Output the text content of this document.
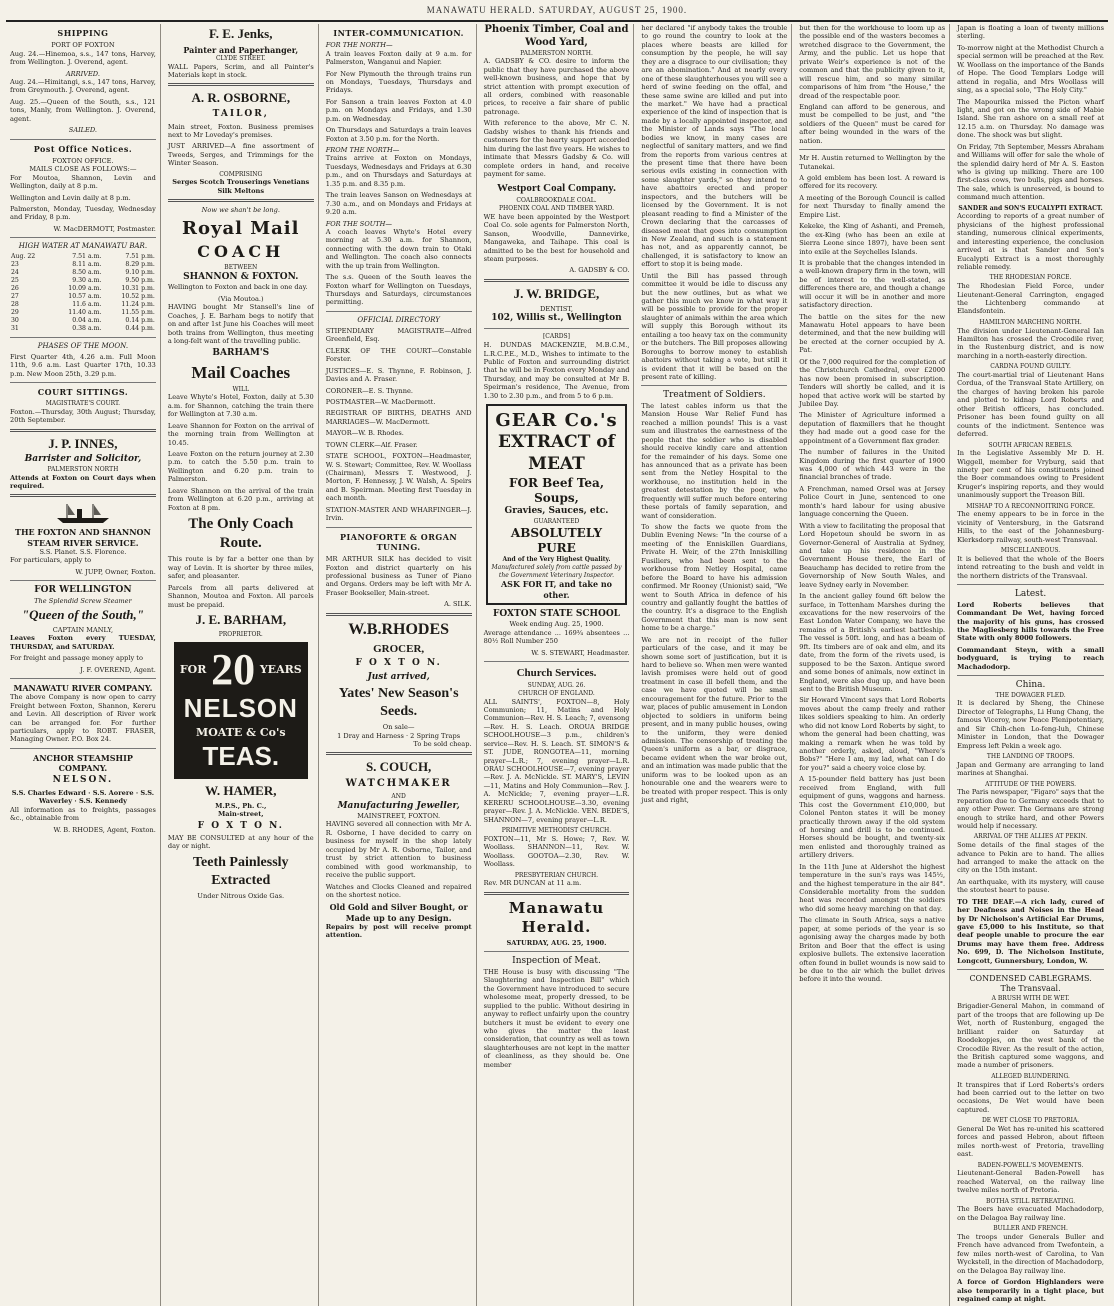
MANAWATU HERALD. SATURDAY, AUGUST 25, 1900.
SHIPPING
PORT OF FOXTON

Aug. 24.—Hinemoa, s.s., 147 tons, Harvey, from Wellington. J. Overend, agent.

ARRIVED.

Aug. 24.—Himitangi, s.s., 147 tons, Harvey, from Greymouth. J. Overend, agent.

Aug. 25.—Queen of the South, s.s., 121 tons, Manly, from Wellington. J. Overend, agent.

SAILED.
Post Office Notices.
FOXTON OFFICE.
MAILS CLOSE AS FOLLOWS:—

For Moutoa, Shannon, Levin and Wellington, daily at 8 p.m.

Wellington and Levin daily at 8 p.m.

Palmerston, Monday, Tuesday, Wednesday and Friday, 8 p.m.

W. MacDERMOTT, Postmaster.
HIGH WATER AT MANAWATU BAR.
Aug. 22	7.51 a.m.	7.51 p.m.
23	8.11 a.m.	8.29 p.m.
24	8.50 a.m.	9.10 p.m.
25	9.30 a.m.	9.50 p.m.
26	10.09 a.m.	10.31 p.m.
27	10.57 a.m.	10.52 p.m.
28	11.6 a.m.	11.24 p.m.
29	11.40 a.m.	11.55 p.m.
30	0.04 a.m.	0.14 p.m.
31	0.38 a.m.	0.44 p.m.
PHASES OF THE MOON.

First Quarter 4th, 4.26 a.m. Full Moon 11th, 9.6 a.m. Last Quarter 17th, 10.33 p.m. New Moon 25th, 3.29 p.m.

COURT SITTINGS.
MAGISTRATE'S COURT.

Foxton.—Thursday, 30th August; Thursday, 20th September.

J. P. INNES,
Barrister and Solicitor,
PALMERSTON NORTH

Attends at Foxton on Court days when required.

THE FOXTON AND SHANNON STEAM RIVER SERVICE.
S.S. Planet. S.S. Florence.

For particulars, apply to

W. JUPP, Owner, Foxton.
FOR WELLINGTON
The Splendid Screw Steamer
"Queen of the South,"
CAPTAIN MANLY,

Leaves Foxton every TUESDAY, THURSDAY, and SATURDAY.

For freight and passage money apply to

J. F. OVEREND, Agent.
MANAWATU RIVER COMPANY.

The above Company is now open to carry Freight between Foxton, Shannon, Kereru and Levin. All description of River work can be arranged for. For further particulars, apply to ROBT. FRASER, Managing Owner. P.O. Box 24.

ANCHOR STEAMSHIP COMPANY.
NELSON.
S.S. Charles Edward · S.S. Aorere · S.S. Waverley · S.S. Kennedy

All information as to freights, passages &c., obtainable from

W. B. RHODES, Agent, Foxton.
F. E. Jenks,
Painter and Paperhanger,
CLYDE STREET.

WALL Papers, Scrim, and all Painter's Materials kept in stock.

A. R. OSBORNE,
TAILOR,

Main street, Foxton. Business premises next to Mr Loveday's premises.

JUST ARRIVED—A fine assortment of Tweeds, Serges, and Trimmings for the Winter Season.

COMPRISING
Serges Scotch Trouserings Venetians Silk Meltons
Now we shan't be long.
Royal Mail
COACH
BETWEEN
SHANNON & FOXTON.

Wellington to Foxton and back in one day.

(Via Moutoa.)

HAVING bought Mr Stansell's line of Coaches, J. E. Barham begs to notify that on and after 1st June his Coaches will meet both trains from Wellington, thus meeting a long-felt want of the travelling public.

BARHAM'S
Mail Coaches
WILL

Leave Whyte's Hotel, Foxton, daily at 5.30 a.m. for Shannon, catching the train there for Wellington at 7.30 a.m.

Leave Shannon for Foxton on the arrival of the morning train from Wellington at 10.45.

Leave Foxton on the return journey at 2.30 p.m. to catch the 5.50 p.m. train to Wellington and 6.20 p.m. train to Palmerston.

Leave Shannon on the arrival of the train from Wellington at 6.20 p.m., arriving at Foxton at 8 pm.

The Only Coach Route.

This route is by far a better one than by way of Levin. It is shorter by three miles, safer, and pleasanter.

Parcels from all parts delivered at Shannon, Moutoa and Foxton. All parcels must be prepaid.

J. E. BARHAM,
PROPRIETOR.
FOR 20 YEARS
NELSON
MOATE & Co's
TEAS.
W. HAMER,
M.P.S., Ph. C.,
Main-street,
F O X T O N.

MAY BE CONSULTED at any hour of the day or night.

Teeth Painlessly Extracted
Under Nitrous Oxide Gas.
INTER-COMMUNICATION.
FOR THE NORTH—

A train leaves Foxton daily at 9 a.m. for Palmerston, Wanganui and Napier.

For New Plymouth the through trains run on Mondays, Tuesdays, Thursdays and Fridays.

For Sanson a train leaves Foxton at 4.0 p.m. on Mondays and Fridays, and 1.30 p.m. on Wednesday.

On Thursdays and Saturdays a train leaves Foxton at 3.50 p.m. for the North.

FROM THE NORTH—

Trains arrive at Foxton on Mondays, Tuesdays, Wednesdays and Fridays at 6.30 p.m., and on Thursdays and Saturdays at 1.35 p.m. and 8.35 p.m.

The train leaves Sanson on Wednesdays at 7.30 a.m., and on Mondays and Fridays at 9.20 a.m.

FOR THE SOUTH—

A coach leaves Whyte's Hotel every morning at 5.30 a.m. for Shannon, connecting with the down train to Otaki and Wellington. The coach also connects with the up train from Wellington.

The s.s. Queen of the South leaves the Foxton wharf for Wellington on Tuesdays, Thursdays and Saturdays, circumstances permitting.

OFFICIAL DIRECTORY

STIPENDIARY MAGISTRATE—Alfred Greenfield, Esq.

CLERK OF THE COURT—Constable Forster.

JUSTICES—E. S. Thynne, F. Robinson, J. Davies and A. Fraser.

CORONER—E. S. Thynne.

POSTMASTER—W. MacDermott.

REGISTRAR OF BIRTHS, DEATHS AND MARRIAGES—W. MacDermott.

MAYOR—W. B. Rhodes.

TOWN CLERK—Alf. Fraser.

STATE SCHOOL, FOXTON—Headmaster, W. S. Stewart; Committee, Rev. W. Woollass (Chairman), Messrs T. Westwood, J. Morton, F. Hennessy, J. W. Walsh, A. Speirs and B. Speirman. Meeting first Tuesday in each month.

STATION-MASTER AND WHARFINGER—J. Irvin.

PIANOFORTE & ORGAN TUNING.

MR ARTHUR SILK has decided to visit Foxton and district quarterly on his professional business as Tuner of Piano and Organs. Orders may be left with Mr A. Fraser Bookseller, Main-street.

A. SILK.
W.B.RHODES
GROCER,
F O X T O N.
Just arrived,
Yates' New Season's Seeds.
On sale—
1 Dray and Harness · 2 Spring Traps
To be sold cheap.
S. COUCH,
WATCHMAKER
AND
Manufacturing Jeweller,
MAINSTREET, FOXTON.

HAVING severed all connection with Mr A. R. Osborne, I have decided to carry on business for myself in the shop lately occupied by Mr A. R. Osborne, Tailor, and trust by strict attention to business combined with good workmanship, to receive the public support.

Watches and Clocks Cleaned and repaired on the shortest notice.

Old Gold and Silver Bought, or Made up to any Design.

Repairs by post will receive prompt attention.

Phoenix Timber, Coal and Wood Yard,
PALMERSTON NORTH.

A. GADSBY & CO. desire to inform the public that they have purchased the above well-known business, and hope that by strict attention with prompt execution of all orders, combined with reasonable prices, to receive a fair share of public patronage.

With reference to the above, Mr C. N. Gadsby wishes to thank his friends and customers for the hearty support accorded him during the last five years. He wishes to intimate that Messrs Gadsby & Co. will complete orders in hand, and receive payment for same.

Westport Coal Company.
COALBROOKDALE COAL.
PHOENIX COAL AND TIMBER YARD.

WE have been appointed by the Westport Coal Co. sole agents for Palmerston North, Sanson, Woodville, Dannevirke, Mangaweka, and Taihape. This coal is admitted to be the best for household and steam purposes.

A. GADSBY & CO.
J. W. BRIDGE,
DENTIST,
102, Willis st., Wellington
[CARDS]

H. DUNDAS MACKENZIE, M.B.C.M., L.R.C.P.E., M.D., Wishes to intimate to the Public of Foxton and surrounding district that he will be in Foxton every Monday and Thursday, and may be consulted at Mr B. Speirman's residence, The Avenue, from 1.30 to 2.30 p.m., and from 5 to 6 p.m.

GEAR Co.'s
EXTRACT of MEAT
FOR Beef Tea, Soups,
Gravies, Sauces, etc.
GUARANTEED
ABSOLUTELY PURE
And of the Very Highest Quality.
Manufactured solely from cattle passed by the Government Veterinary Inspector.
ASK FOR IT, and take no other.
FOXTON STATE SCHOOL
Week ending Aug. 25, 1900.

Average attendance ... 169¾ absentees ... 80½ Roll Number 250

W. S. STEWART, Headmaster.
Church Services.
SUNDAY, AUG. 26.
CHURCH OF ENGLAND.

ALL SAINTS', FOXTON—8, Holy Communion; 11, Matins and Holy Communion—Rev. H. S. Leach; 7, evensong—Rev. H. S. Leach. OROUA BRIDGE SCHOOLHOUSE—3 p.m., children's service—Rev. H. S. Leach. ST. SIMON'S & ST. JUDE, RONGOTEA—11, morning prayer—L.R.; 7, evening prayer—L.R. ORAU SCHOOLHOUSE—7, evening prayer—Rev. J. A. McNickle. ST. MARY'S, LEVIN—11, Matins and Holy Communion—Rev. J. A. McNickle; 7, evening prayer—L.R. KERERU SCHOOLHOUSE—3.30, evening prayer—Rev. J. A. McNickle. VEN. BEDE'S, SHANNON—7, evening prayer—L.R.

PRIMITIVE METHODIST CHURCH.

FOXTON—11, Mr S. Howe; 7, Rev. W. Woollass. SHANNON—11, Rev. W. Woollass. GOOTOA—2.30, Rev. W. Woollass.

PRESBYTERIAN CHURCH.

Rev. MR DUNCAN at 11 a.m.

Manawatu Herald.
SATURDAY, AUG. 25, 1900.
Inspection of Meat.

THE House is busy with discussing "The Slaughtering and Inspection Bill" which the Government have introduced to secure wholesome meat, properly dressed, to be supplied to the public. Without desiring in anyway to reflect unfairly upon the country butchers it must be evident to every one who gives the matter the least consideration, that country as well as town slaughterhouses are not kept in the matter of cleanliness, as they should be. One member

her declared "if anybody takes the trouble to go round the country to look at the places where beasts are killed for consumption by the people, he will say they are a disgrace to our civilisation; they are an abomination." And at nearly every one of these slaughterhouses you will see a herd of swine feeding on the offal, and these same swine are killed and put into the market." We have had a practical experience of the kind of inspection that is made by a locally appointed inspector, and the Minister of Lands says "The local bodies we know, in many cases are neglectful of sanitary matters, and we find from the reports from various centres at the present time that there have been serious evils existing in connection with some slaughter yards," so they intend to have abattoirs erected and proper inspectors, and the butchers will be licensed by the Government. It is not pleasant reading to find a Minister of the Crown declaring that the carcasses of diseased meat that goes into consumption in New Zealand, and such is a statement has not, and as apparently cannot, be challenged, it is satisfactory to know an effort to stop it is being made.

Until the Bill has passed through committee it would be idle to discuss any but the new outlines, but as what we gather this much we know in what way it will be possible to provide for the proper slaughter of animals within the area which will supply this Borough without its entailing a too heavy tax on the community or the butchers. The Bill proposes allowing Boroughs to borrow money to establish abattoirs without taking a vote, but still it is evident that it will be based on the present rate of killing.

Treatment of Soldiers.

The latest cables inform us that the Mansion House War Relief Fund has reached a million pounds! This is a vast sum and illustrates the earnestness of the people that the soldier who is disabled should receive kindly care and attention for the remainder of his days. Some one has announced that as a private has been sent from the Netley Hospital to the workhouse, no institution held in the greatest detestation by the poor, who frequently will suffer much before entering these portals of family separation, and want of consideration.

To show the facts we quote from the Dublin Evening News: "In the course of a meeting of the Enniskillen Guardians, Private H. Weir, of the 27th Inniskilling Fusiliers, who had been sent to the workhouse from Netley Hospital, came before the Board to have his admission confirmed. Mr Rooney (Unionist) said, "We went to South Africa in defence of his country and gallantly fought the battles of the country. It's a disgrace to the English Government that this man is now sent home to be a charge."

We are not in receipt of the fuller particulars of the case, and it may be shown some sort of justification, but it is hard to believe so. When men were wanted lavish promises were held out of good treatment in case ill befell them, and the case we have quoted will be small encouragement for the future. Prior to the war, places of public amusement in London objected to soldiers in uniform being present, and in many public houses, owing to the uniform, they were denied admission. The censorship of treating the Queen's uniform as a bar, or disgrace, became evident when the war broke out, and an intimation was made public that the uniform was to be looked upon as an honourable one and the wearers were to be treated with proper respect. This is only just and right,

but then for the workhouse to loom up as the possible end of the wasters becomes a wretched disgrace to the Government, the Army, and the public. Let us hope that private Weir's experience is not of the common and that the publicity given to it, will rescue him, and so many similar comparisons of him from "the House," the dread of the respectable poor.

England can afford to be generous, and must be compelled to be just, and "the soldiers of the Queen" must be cared for after being wounded in the wars of the nation.

Mr H. Austin returned to Wellington by the Tutanekai.

A gold emblem has been lost. A reward is offered for its recovery.

A meeting of the Borough Council is called for next Thursday to finally amend the Empire List.

Kekeke, the King of Ashanti, and Premeh, the ex-King (who has been an exile at Sierra Leone since 1897), have been sent into exile at the Seychelles Islands.

It is probable that the changes intended in a well-known drapery firm in the town, will be of interest to the well-stated, as differences there are, and though a change will occur it will be in another and more satisfactory direction.

The battle on the sites for the new Manawatu Hotel appears to have been determined, and that the new building will be erected at the corner occupied by A. Pat.

Of the 7,000 required for the completion of the Christchurch Cathedral, over £2000 has now been promised in subscription. Tenders will shortly be called, and it is hoped that active work will be started by Jubilee Day.

The Minister of Agriculture informed a deputation of flaxmillers that he thought they had made out a good case for the appointment of a Government flax grader.

The number of failures in the United Kingdom during the first quarter of 1900 was 4,000 of which 443 were in the financial branches of trade.

A Frenchman, named Orsel was at Jersey Police Court in June, sentenced to one month's hard labour for using abusive language concerning the Queen.

With a view to facilitating the proposal that Lord Hopetoun should be sworn in as Governor-General of Australia at Sydney, and take up his residence in the Government House there, the Earl of Beauchamp has decided to retire from the Governorship of New South Wales, and leave Sydney early in November.

In the ancient galley found 6ft below the surface, in Tottenham Marshes during the excavations for the new reservoirs of the East London Water Company, we have the remains of a British's earliest battleship. The vessel is 50ft. long, and has a beam of 9ft. Its timbers are of oak and elm, and its date, from the form of the rivets used, is supposed to be the Saxon. Antique sword and some bones of animals, now extinct in England, were also dug up, and have been sent to the British Museum.

Sir Howard Vincent says that Lord Roberts moves about the camp freely and rather likes soldiers speaking to him. An orderly who did not know Lord Roberts by sight, to whom the general had been chatting, was making a remark when he was told by another orderly, asked, aloud, "Where's Bobs?" "Here I am, my lad, what can I do for you?" said a cheery voice close by.

A 15-pounder field battery has just been received from England, with full equipment of guns, waggons and harness. This cost the Government £10,000, but Colonel Penton states it will be money practically thrown away if the old system of horsing and drill is to be continued. Horses should be bought, and twenty-six men enlisted and thoroughly trained as artillery drivers.

In the 11th June at Aldershot the highest temperature in the sun's rays was 145½, and the highest temperature in the air 84°. Considerable mortality from the sudden heat was recorded amongst the soldiers who did some heavy marching on that day.

The climate in South Africa, says a native paper, at some periods of the year is so agonising away the charges made by both Briton and Boer that the effect is using explosive bullets. The extensive laceration often found in bullet wounds is now said to be due to the air which the bullet drives before it into the wound.

Japan is floating a loan of twenty millions sterling.

To-morrow night at the Methodist Church a special sermon will be preached at the Rev. W. Woollass on the importance of the Bands of Hope. The Good Templars Lodge will attend in regalia, and Mrs Woollass will sing, as a special solo, "The Holy City."

The Mapourika missed the Picton wharf light, and got on the wrong side of Mabie Island. She ran ashore on a small reef at 12.15 a.m. on Thursday. No damage was done. The shock was but slight.

On Friday, 7th September, Messrs Abraham and Williams will offer for sale the whole of the splendid dairy herd of Mr A. S. Easton who is giving up milking. There are 100 first-class cows, two bulls, pigs and horses. The sale, which is unreserved, is bound to command much attention.

SANDER and SON'S EUCALYPTI EXTRACT.

According to reports of a great number of physicians of the highest professional standing, numerous clinical experiments, and interesting experience, the conclusion arrived at is that Sander and Son's Eucalypti Extract is a most thoroughly reliable remedy.

THE RHODESIAN FORCE.

The Rhodesian Field Force, under Lieutenant-General Carrington, engaged the Lichtenberg commando at Elandsfontein.

HAMILTON MARCHING NORTH.

The division under Lieutenant-General Ian Hamilton has crossed the Crocodile river, in the Rustenburg district, and is now marching in a north-easterly direction.

CARDNA FOUND GUILTY.

The court-martial trial of Lieutenant Hans Cordua, of the Transvaal State Artillery, on the charges of having broken his parole and plotted to kidnap Lord Roberts and other British officers, has concluded. Prisoner has been found guilty on all counts of the indictment. Sentence was deferred.

SOUTH AFRICAN REBELS.

In the Legislative Assembly Mr D. H. Wiggell, member for Vryburg, said that ninety per cent of his constituents joined the Boer commandoes owing to President Kruger's inspiring reports, and they would unanimously support the Treason Bill.

MISHAP TO A RECONNOITRING FORCE.

The enemy appears to be in force in the vicinity of Ventersburg, in the Gatsrand Hills, to the east of the Johannesburg-Klerksdorp railway, south-west Transvaal.

MISCELLANEOUS.

It is believed that the whole of the Boers intend retreating to the bush and veldt in the northern districts of the Transvaal.

Latest.

Lord Roberts believes that Commandant De Wet, having forced the majority of his guns, has crossed the Magliesberg hills towards the Free State with only 8000 followers.

Commandant Steyn, with a small bodyguard, is trying to reach Machadodorp.

China.
THE DOWAGER FLED.

It is declared by Sheng, the Chinese Director of Telegraphs, Li Hung Chang, the famous Viceroy, now Peace Plenipotentiary, and Sir Chih-chen Lo-feng-luh, Chinese Minister in London, that the Dowager Empress left Pekin a week ago.

THE LANDING OF TROOPS.

Japan and Germany are arranging to land marines at Shanghai.

ATTITUDE OF THE POWERS.

The Paris newspaper, "Figaro" says that the reparation due to Germany exceeds that to any other Power. The Germans are strong enough to strike hard, and other Powers would help if necessary.

ARRIVAL OF THE ALLIES AT PEKIN.

Some details of the final stages of the advance to Pekin are to hand. The allies had arranged to make the attack on the city on the 15th instant.

An earthquake, with its mystery, will cause the stoutest heart to pause.

TO THE DEAF.—A rich lady, cured of her Deafness and Noises in the Head by Dr Nicholson's Artificial Ear Drums, gave £5,000 to his Institute, so that deaf people unable to procure the ear Drums may have them free. Address No. 699, D. The Nicholson Institute, Longcott, Gunnersbury, London, W.

CONDENSED CABLEGRAMS.
The Transvaal.
A BRUSH WITH DE WET.

Brigadier-General Mahon, in command of part of the troops that are following up De Wet, north of Rustenburg, engaged the brilliant raider on Saturday at Roodekopjes, on the west bank of the Crocodile River. As the result of the action, the British captured some waggons, and made a number of prisoners.

ALLEGED BLUNDERING.

It transpires that if Lord Roberts's orders had been carried out to the letter on two occasions, De Wet would have been captured.

DE WET CLOSE TO PRETORIA.

General De Wet has re-united his scattered forces and passed Hebron, about fifteen miles north-west of Pretoria, travelling east.

BADEN-POWELL'S MOVEMENTS.

Lieutenant-General Baden-Powell has reached Waterval, on the railway line twelve miles north of Pretoria.

BOTHA STILL RETREATING.

The Boers have evacuated Machadodorp, on the Delagoa Bay railway line.

BULLER AND FRENCH.

The troops under Generals Buller and French have advanced from Twefontein, a few miles north-west of Carolina, to Van Wyckstell, in the direction of Machadodorp, on the Delagoa Bay railway line.

A force of Gordon Highlanders were also temporarily in a tight place, but regained camp at night.
